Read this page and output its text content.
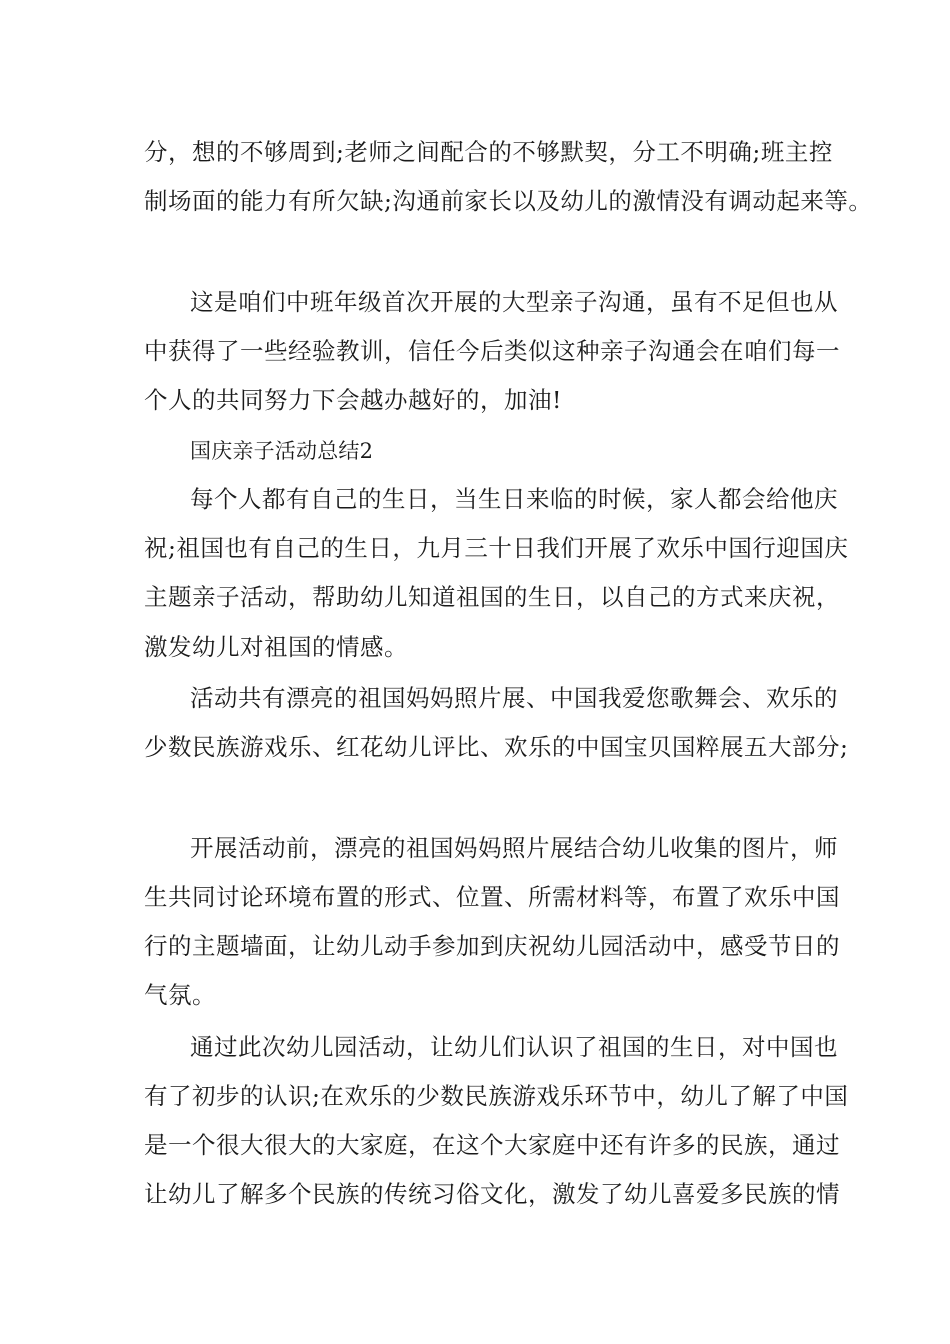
分，想的不够周到;老师之间配合的不够默契，分工不明确;班主控
制场面的能力有所欠缺;沟通前家长以及幼儿的激情没有调动起来等。
这是咱们中班年级首次开展的大型亲子沟通，虽有不足但也从
中获得了一些经验教训，信任今后类似这种亲子沟通会在咱们每一
个人的共同努力下会越办越好的，加油!
国庆亲子活动总结2
每个人都有自己的生日，当生日来临的时候，家人都会给他庆
祝;祖国也有自己的生日，九月三十日我们开展了欢乐中国行迎国庆
主题亲子活动，帮助幼儿知道祖国的生日，以自己的方式来庆祝，
激发幼儿对祖国的情感。
活动共有漂亮的祖国妈妈照片展、中国我爱您歌舞会、欢乐的
少数民族游戏乐、红花幼儿评比、欢乐的中国宝贝国粹展五大部分;
开展活动前，漂亮的祖国妈妈照片展结合幼儿收集的图片，师
生共同讨论环境布置的形式、位置、所需材料等，布置了欢乐中国
行的主题墙面，让幼儿动手参加到庆祝幼儿园活动中，感受节日的
气氛。
通过此次幼儿园活动，让幼儿们认识了祖国的生日，对中国也
有了初步的认识;在欢乐的少数民族游戏乐环节中，幼儿了解了中国
是一个很大很大的大家庭，在这个大家庭中还有许多的民族，通过
让幼儿了解多个民族的传统习俗文化，激发了幼儿喜爱多民族的情
